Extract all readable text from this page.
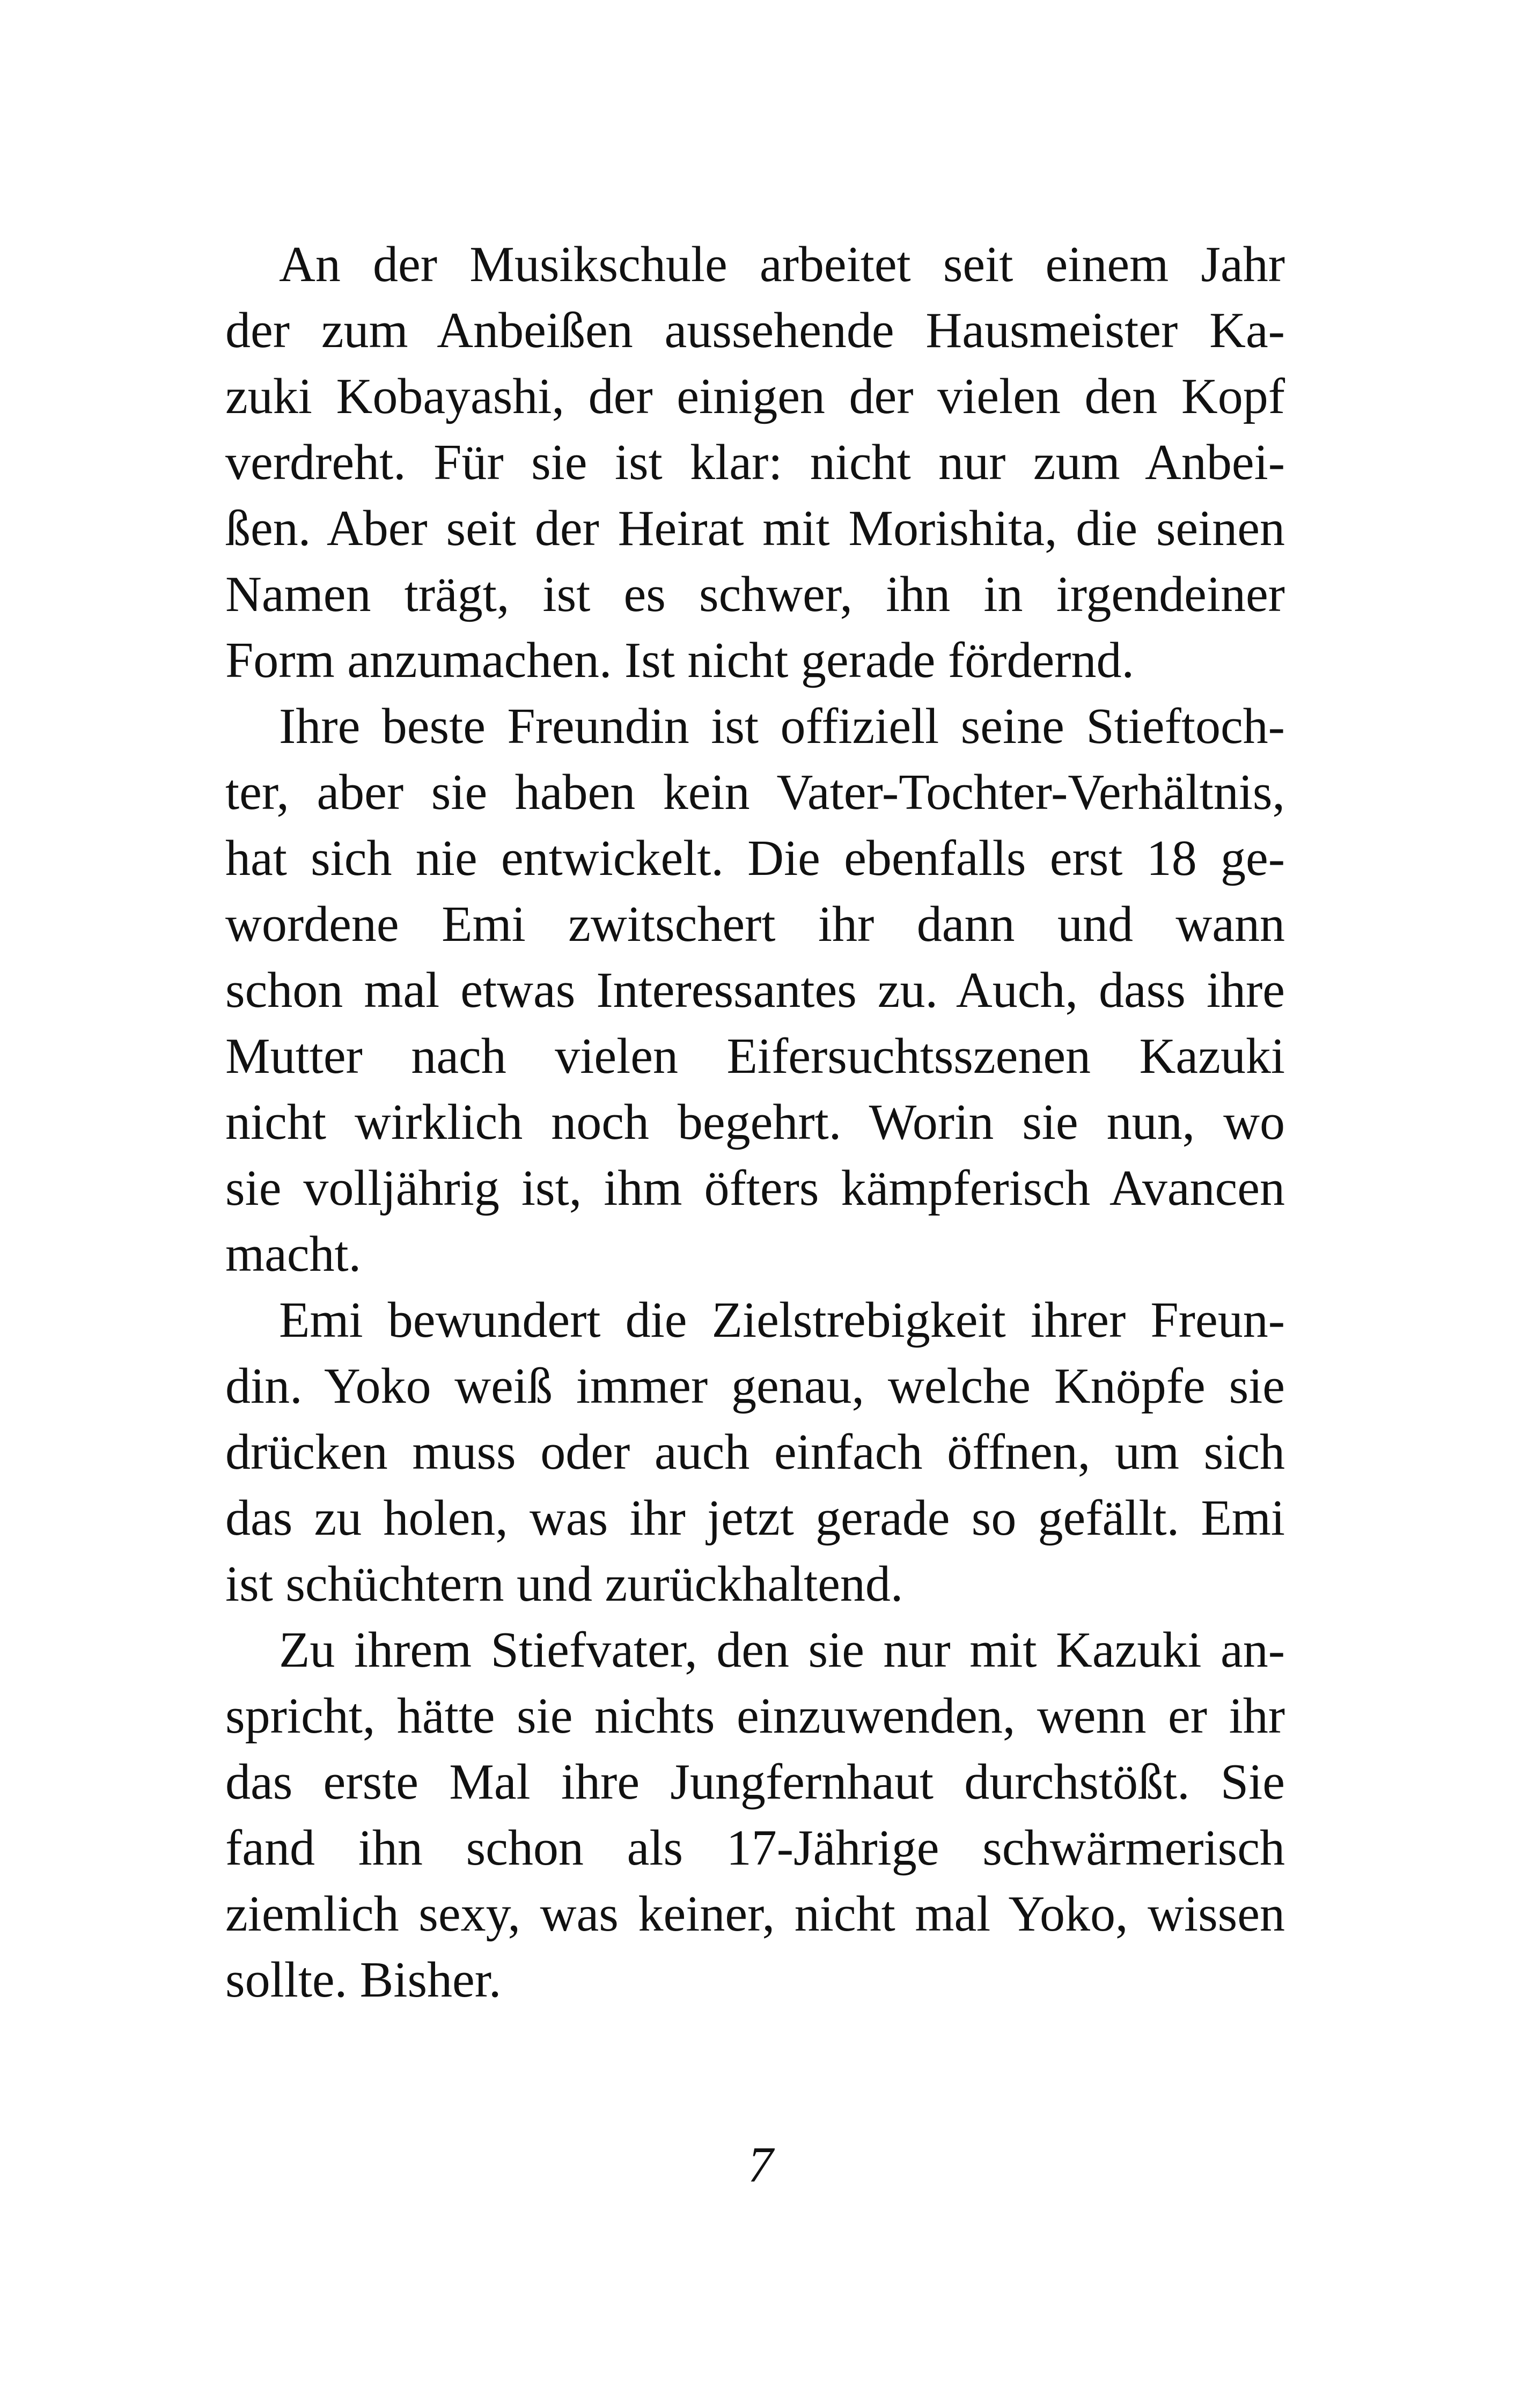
An der Musikschule arbeitet seit einem Jahr
der zum Anbeißen aussehende Hausmeister Ka-
zuki Kobayashi, der einigen der vielen den Kopf
verdreht. Für sie ist klar: nicht nur zum Anbei-
ßen. Aber seit der Heirat mit Morishita, die seinen
Namen trägt, ist es schwer, ihn in irgendeiner
Form anzumachen. Ist nicht gerade fördernd.
Ihre beste Freundin ist offiziell seine Stieftoch-
ter, aber sie haben kein Vater-Tochter-Verhältnis,
hat sich nie entwickelt. Die ebenfalls erst 18 ge-
wordene Emi zwitschert ihr dann und wann
schon mal etwas Interessantes zu. Auch, dass ihre
Mutter nach vielen Eifersuchtsszenen Kazuki
nicht wirklich noch begehrt. Worin sie nun, wo
sie volljährig ist, ihm öfters kämpferisch Avancen
macht.
Emi bewundert die Zielstrebigkeit ihrer Freun-
din. Yoko weiß immer genau, welche Knöpfe sie
drücken muss oder auch einfach öffnen, um sich
das zu holen, was ihr jetzt gerade so gefällt. Emi
ist schüchtern und zurückhaltend.
Zu ihrem Stiefvater, den sie nur mit Kazuki an-
spricht, hätte sie nichts einzuwenden, wenn er ihr
das erste Mal ihre Jungfernhaut durchstößt. Sie
fand ihn schon als 17-Jährige schwärmerisch
ziemlich sexy, was keiner, nicht mal Yoko, wissen
sollte. Bisher.
7
